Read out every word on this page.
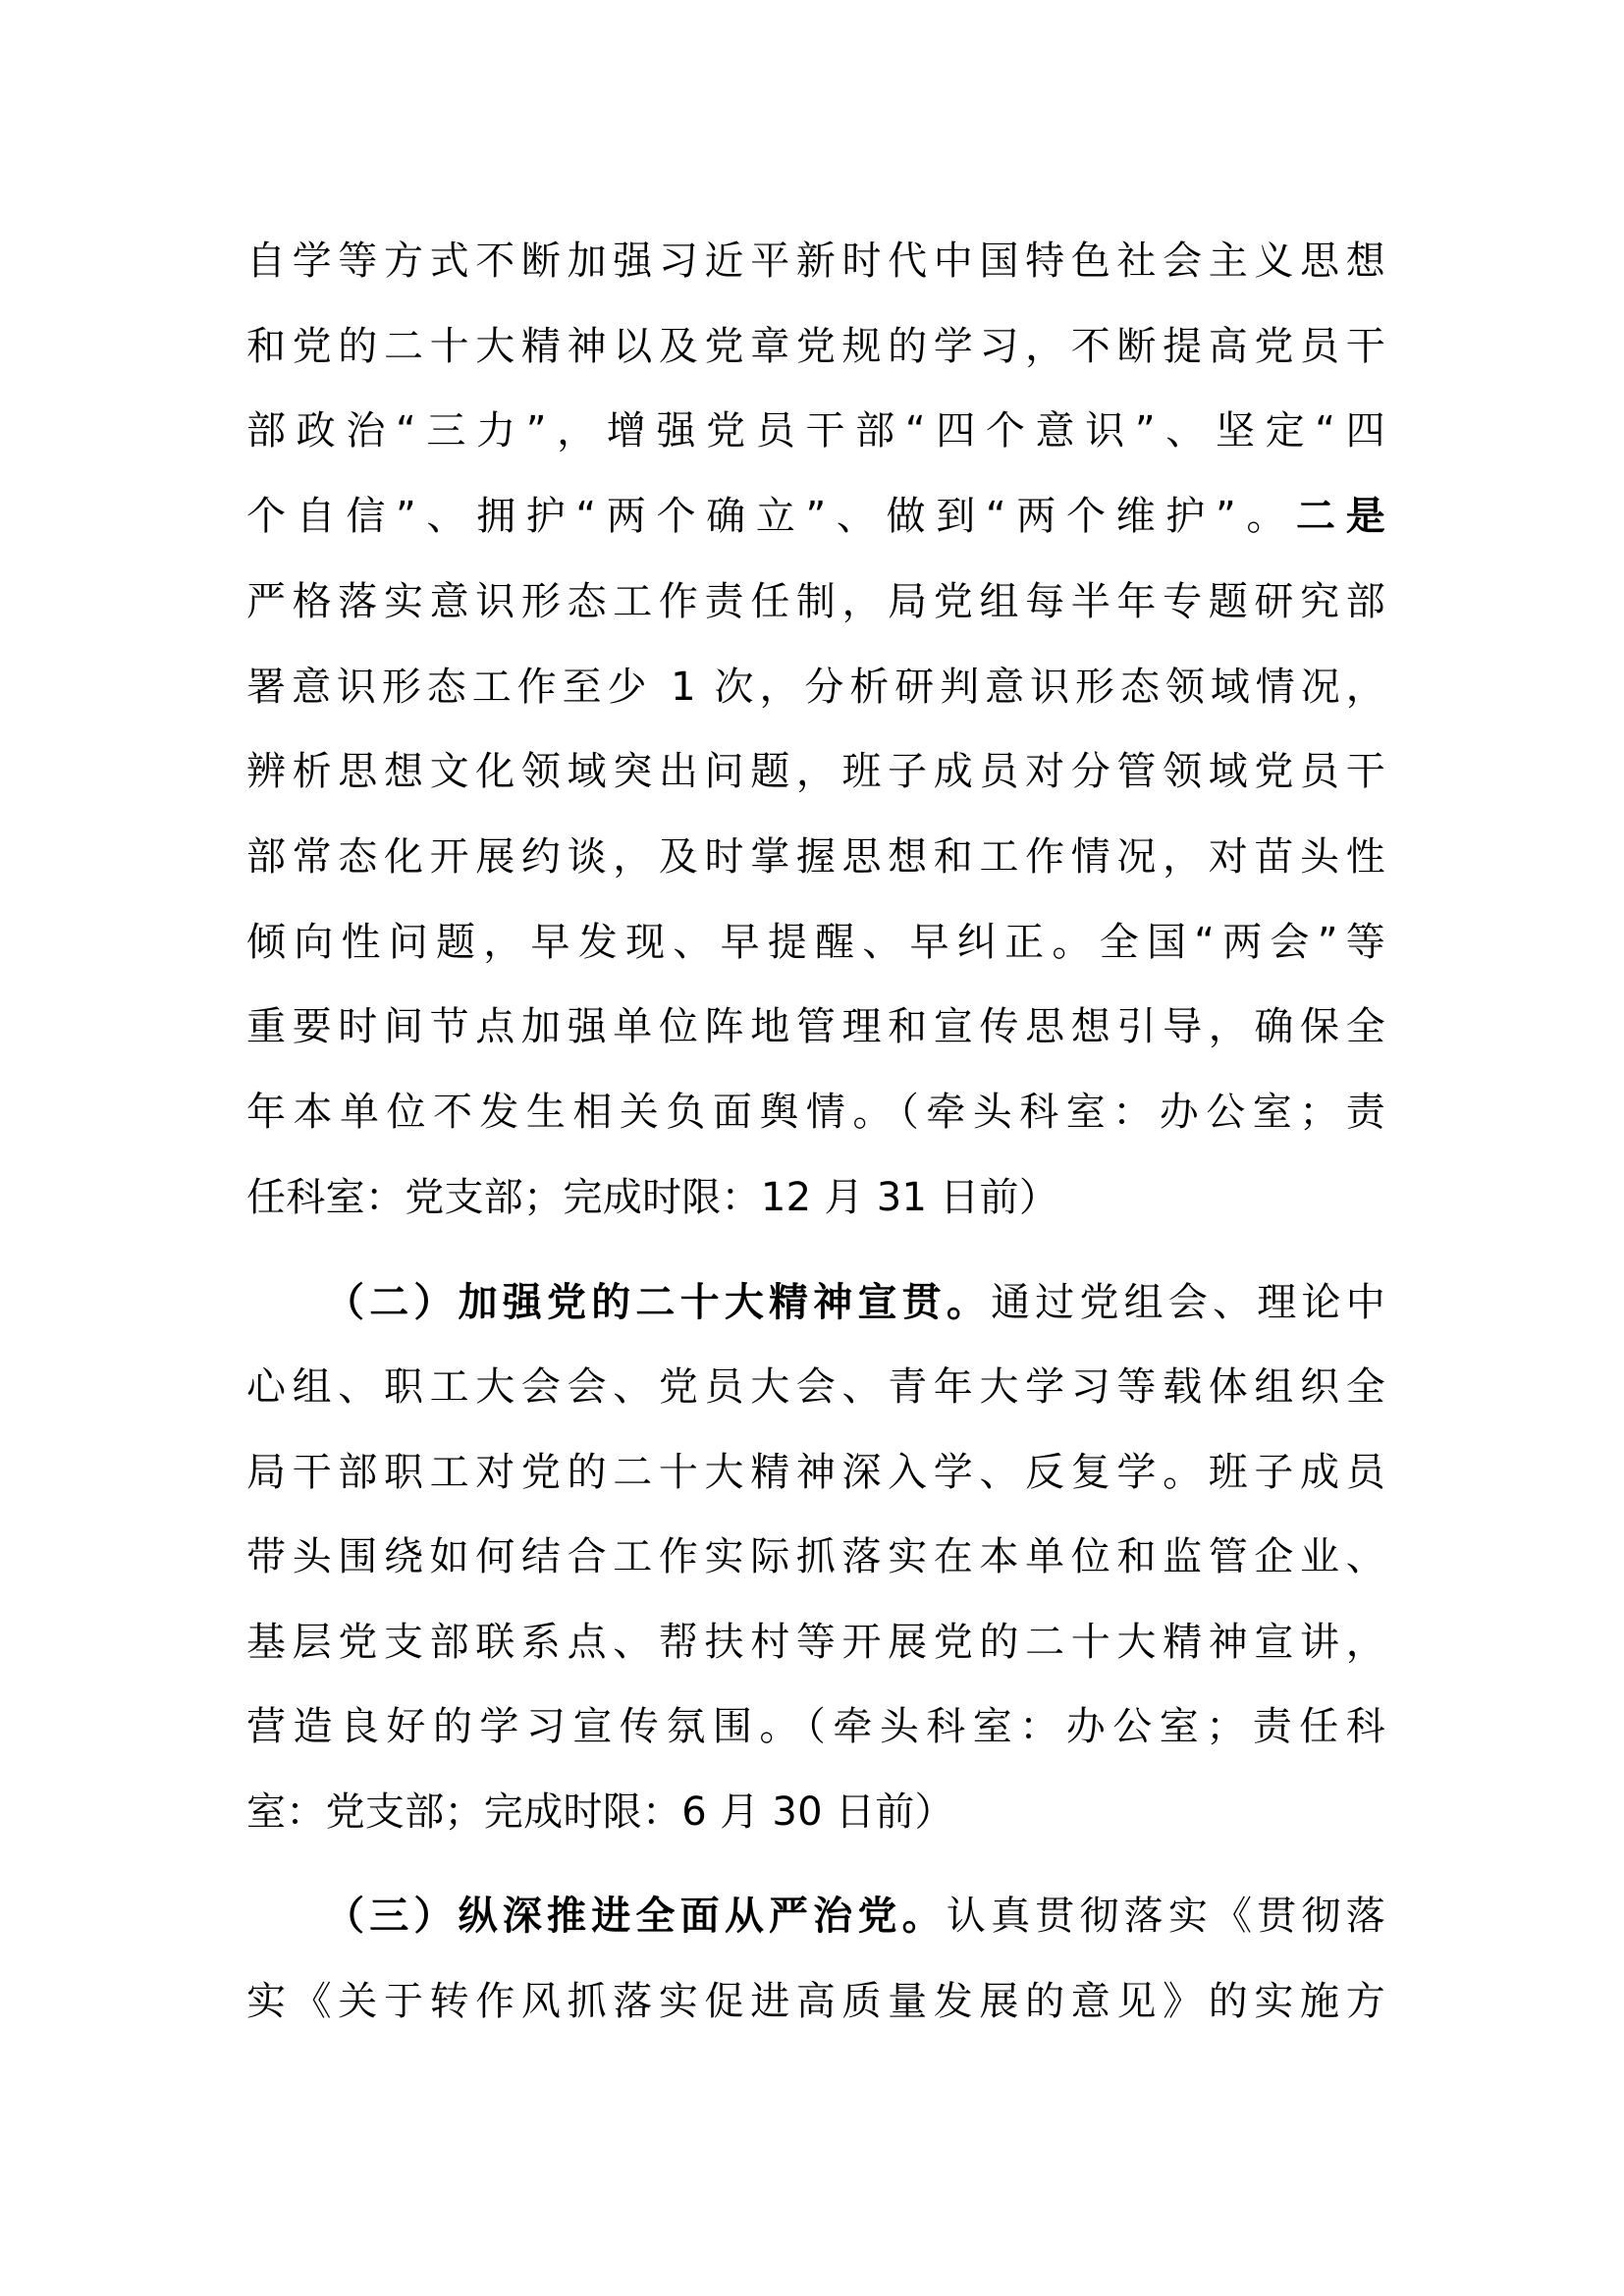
自学等方式不断加强习近平新时代中国特色社会主义思想
和党的二十大精神以及党章党规的学习，不断提高党员干
部政治“三力”，增强党员干部“四个意识”、坚定“四
个自信”、拥护“两个确立”、做到“两个维护”。二是
严格落实意识形态工作责任制，局党组每半年专题研究部
署意识形态工作至少 1 次，分析研判意识形态领域情况，
辨析思想文化领域突出问题，班子成员对分管领域党员干
部常态化开展约谈，及时掌握思想和工作情况，对苗头性
倾向性问题，早发现、早提醒、早纠正。全国“两会”等
重要时间节点加强单位阵地管理和宣传思想引导，确保全
年本单位不发生相关负面舆情。（牵头科室：办公室；责
任科室：党支部；完成时限：12 月 31 日前）
（二）加强党的二十大精神宣贯。通过党组会、理论中
心组、职工大会会、党员大会、青年大学习等载体组织全
局干部职工对党的二十大精神深入学、反复学。班子成员
带头围绕如何结合工作实际抓落实在本单位和监管企业、
基层党支部联系点、帮扶村等开展党的二十大精神宣讲，
营造良好的学习宣传氛围。（牵头科室：办公室；责任科
室：党支部；完成时限：6 月 30 日前）
（三）纵深推进全面从严治党。认真贯彻落实《贯彻落
实《关于转作风抓落实促进高质量发展的意见》的实施方
